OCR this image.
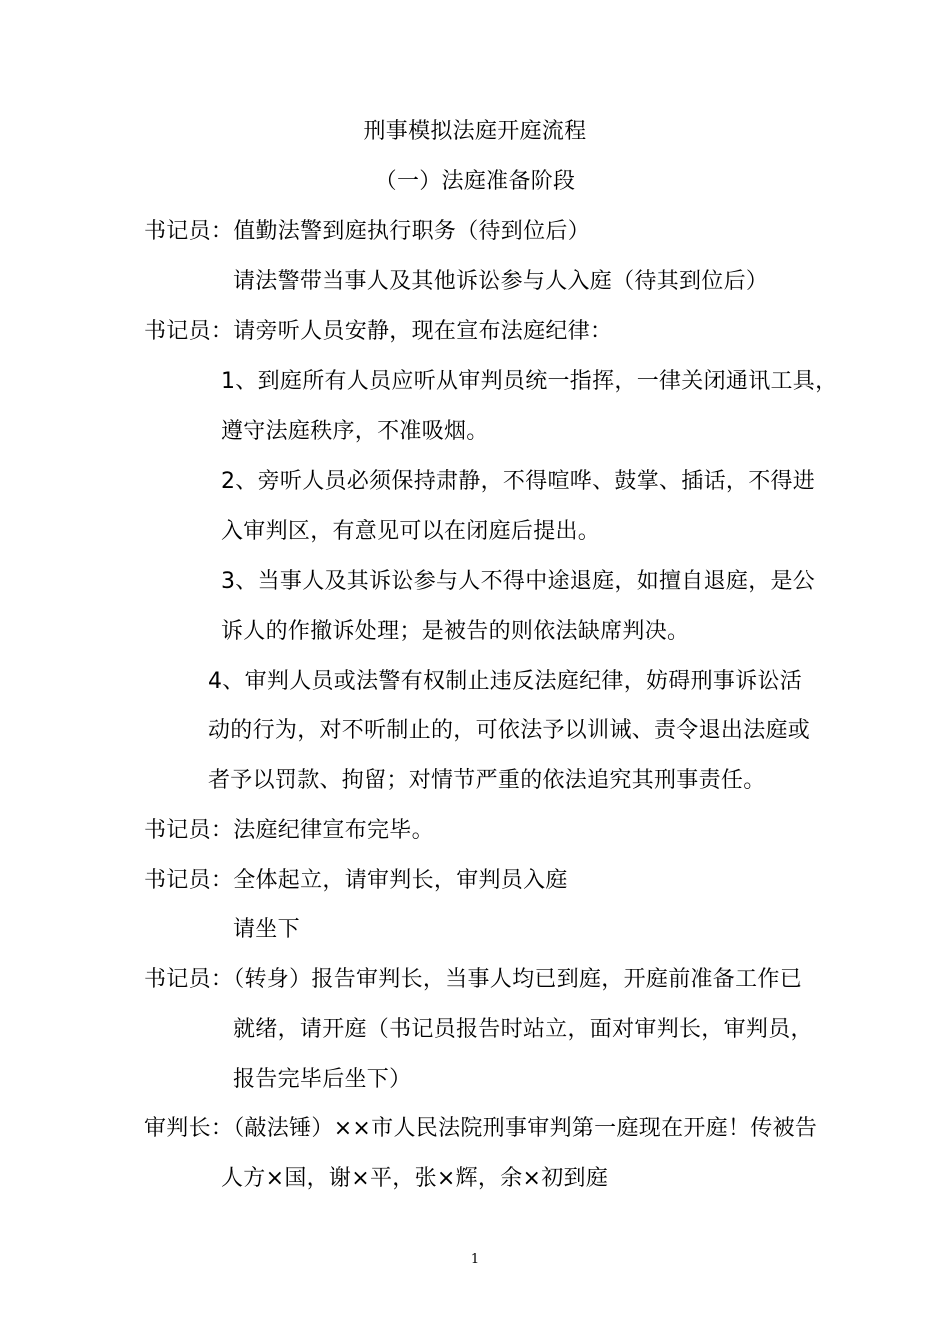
刑事模拟法庭开庭流程
（一）法庭准备阶段
书记员：值勤法警到庭执行职务（待到位后）
请法警带当事人及其他诉讼参与人入庭（待其到位后）
书记员：请旁听人员安静，现在宣布法庭纪律：
1、到庭所有人员应听从审判员统一指挥，一律关闭通讯工具，
遵守法庭秩序，不准吸烟。
2、旁听人员必须保持肃静，不得喧哗、鼓掌、插话，不得进
入审判区，有意见可以在闭庭后提出。
3、当事人及其诉讼参与人不得中途退庭，如擅自退庭，是公
诉人的作撤诉处理；是被告的则依法缺席判决。
4、审判人员或法警有权制止违反法庭纪律，妨碍刑事诉讼活
动的行为，对不听制止的，可依法予以训诫、责令退出法庭或
者予以罚款、拘留；对情节严重的依法追究其刑事责任。
书记员：法庭纪律宣布完毕。
书记员：全体起立，请审判长，审判员入庭
请坐下
书记员：（转身）报告审判长，当事人均已到庭，开庭前准备工作已
就绪，请开庭（书记员报告时站立，面对审判长，审判员，
报告完毕后坐下）
审判长：（敲法锤）××市人民法院刑事审判第一庭现在开庭！传被告
人方×国，谢×平，张×辉，余×初到庭
1
